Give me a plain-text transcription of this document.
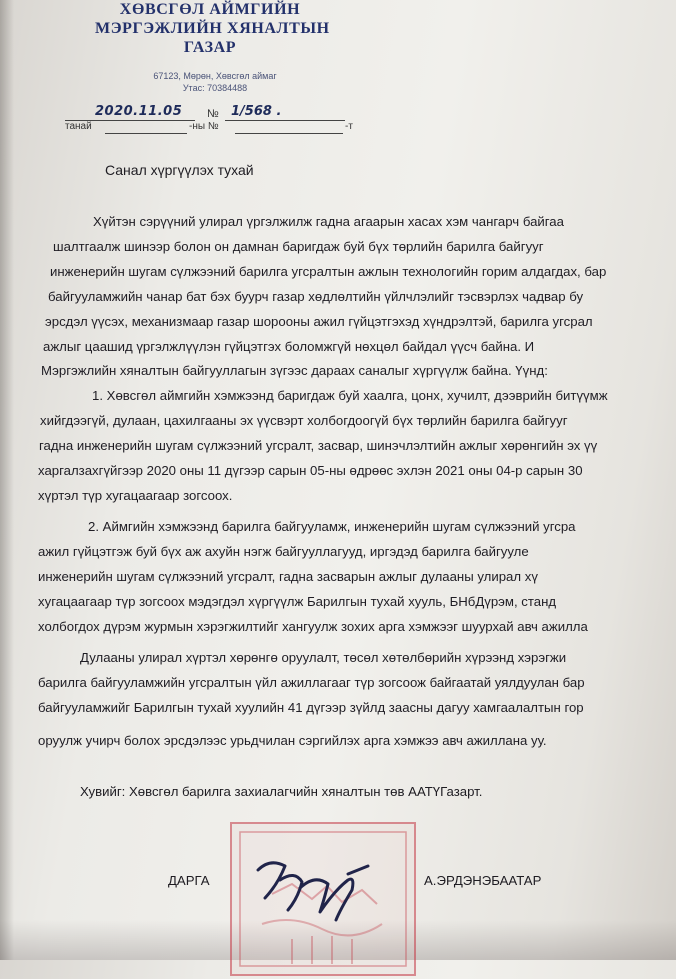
ХӨВСГӨЛ АЙМГИЙН
МЭРГЭЖЛИЙН ХЯНАЛТЫН
ГАЗАР
67123, Мөрөн, Хөвсгөл аймаг
Утас: 70384488
2020.11.05 № 1/568 .
танай	-ны №	-т
Санал хүргүүлэх тухай
Хүйтэн сэрүүний улирал үргэлжилж гадна агаарын хасах хэм чангарч байгаа
шалтгаалж шинээр болон он дамнан баригдаж буй бүх төрлийн барилга байгууг
инженерийн шугам сүлжээний барилга угсралтын ажлын технологийн горим алдагдах, бар
байгууламжийн чанар бат бэх буурч газар хөдлөлтийн үйлчлэлийг тэсвэрлэх чадвар бу
эрсдэл үүсэх, механизмаар газар шорооны ажил гүйцэтгэхэд хүндрэлтэй, барилга угсрал
ажлыг цаашид үргэлжлүүлэн гүйцэтгэх боломжгүй нөхцөл байдал үүсч байна. И
Мэргэжлийн хяналтын байгууллагын зүгээс дараах саналыг хүргүүлж байна. Үүнд:
1. Хөвсгөл аймгийн хэмжээнд баригдаж буй хаалга, цонх, хучилт, дээврийн битүүмж
хийгдээгүй, дулаан, цахилгааны эх үүсвэрт холбогдоогүй бүх төрлийн барилга байгууг
гадна инженерийн шугам сүлжээний угсралт, засвар, шинэчлэлтийн ажлыг хөрөнгийн эх үү
харгалзахгүйгээр 2020 оны 11 дүгээр сарын 05-ны өдрөөс эхлэн 2021 оны 04-р сарын 30
хүртэл түр хугацаагаар зогсоох.
2. Аймгийн хэмжээнд барилга байгууламж, инженерийн шугам сүлжээний угсра
ажил гүйцэтгэж буй бүх аж ахуйн нэгж байгууллагууд, иргэдэд барилга байгууле
инженерийн шугам сүлжээний угсралт, гадна засварын ажлыг дулааны улирал хү
хугацаагаар түр зогсоох мэдэгдэл хүргүүлж Барилгын тухай хууль, БНбДүрэм, станд
холбогдох дүрэм журмын хэрэгжилтийг хангуулж зохих арга хэмжээг шуурхай авч ажилла
Дулааны улирал хүртэл хөрөнгө оруулалт, төсөл хөтөлбөрийн хүрээнд хэрэгжи
барилга байгууламжийн угсралтын үйл ажиллагааг түр зогсоож байгаатай уялдуулан бар
байгууламжийг Барилгын тухай хуулийн 41 дүгээр зүйлд заасны дагуу хамгаалалтын гор
оруулж учирч болох эрсдэлээс урьдчилан сэргийлэх арга хэмжээ авч ажиллана уу.
Хувийг: Хөвсгөл барилга захиалагчийн хяналтын төв ААТҮГазарт.
ДАРГА	А.ЭРДЭНЭБААТАР
